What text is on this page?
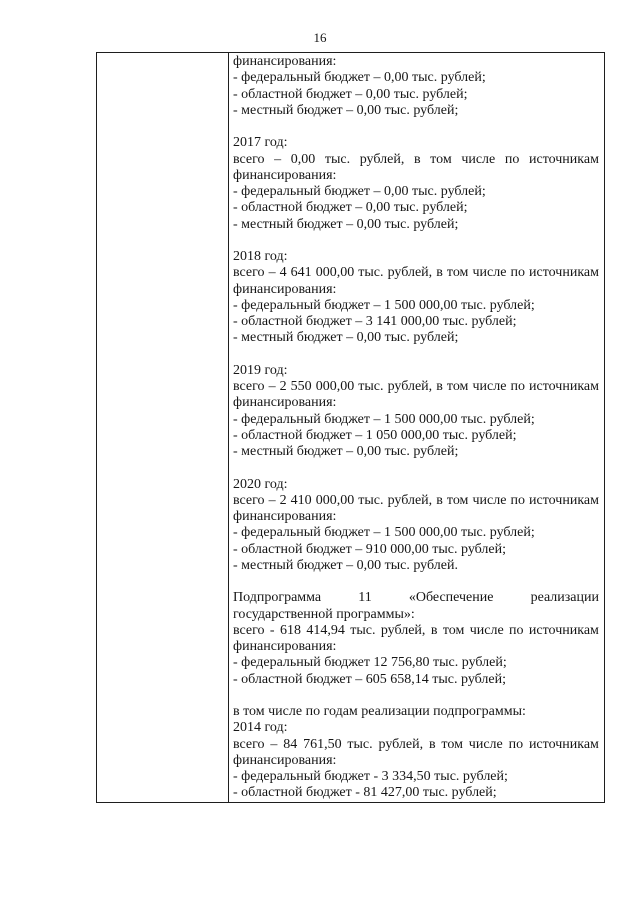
16
финансирования:
- федеральный бюджет – 0,00 тыс. рублей;
- областной бюджет – 0,00 тыс. рублей;
- местный бюджет – 0,00 тыс. рублей;
2017 год:
всего – 0,00 тыс. рублей, в том числе по источникам
финансирования:
- федеральный бюджет – 0,00 тыс. рублей;
- областной бюджет – 0,00 тыс. рублей;
- местный бюджет – 0,00 тыс. рублей;
2018 год:
всего – 4 641 000,00 тыс. рублей, в том числе по источникам
финансирования:
- федеральный бюджет – 1 500 000,00 тыс. рублей;
- областной бюджет – 3 141 000,00 тыс. рублей;
- местный бюджет – 0,00 тыс. рублей;
2019 год:
всего – 2 550 000,00 тыс. рублей, в том числе по источникам
финансирования:
- федеральный бюджет – 1 500 000,00 тыс. рублей;
- областной бюджет – 1 050 000,00 тыс. рублей;
- местный бюджет – 0,00 тыс. рублей;
2020 год:
всего – 2 410 000,00 тыс. рублей, в том числе по источникам
финансирования:
- федеральный бюджет – 1 500 000,00 тыс. рублей;
- областной бюджет – 910 000,00 тыс. рублей;
- местный бюджет – 0,00 тыс. рублей.
Подпрограмма	11	«Обеспечение	реализации
государственной программы»:
всего - 618 414,94 тыс. рублей, в том числе по источникам
финансирования:
- федеральный бюджет 12 756,80 тыс. рублей;
- областной бюджет – 605 658,14 тыс. рублей;
в том числе по годам реализации подпрограммы:
2014 год:
всего – 84 761,50 тыс. рублей, в том числе по источникам
финансирования:
- федеральный бюджет - 3 334,50 тыс. рублей;
- областной бюджет - 81 427,00 тыс. рублей;
